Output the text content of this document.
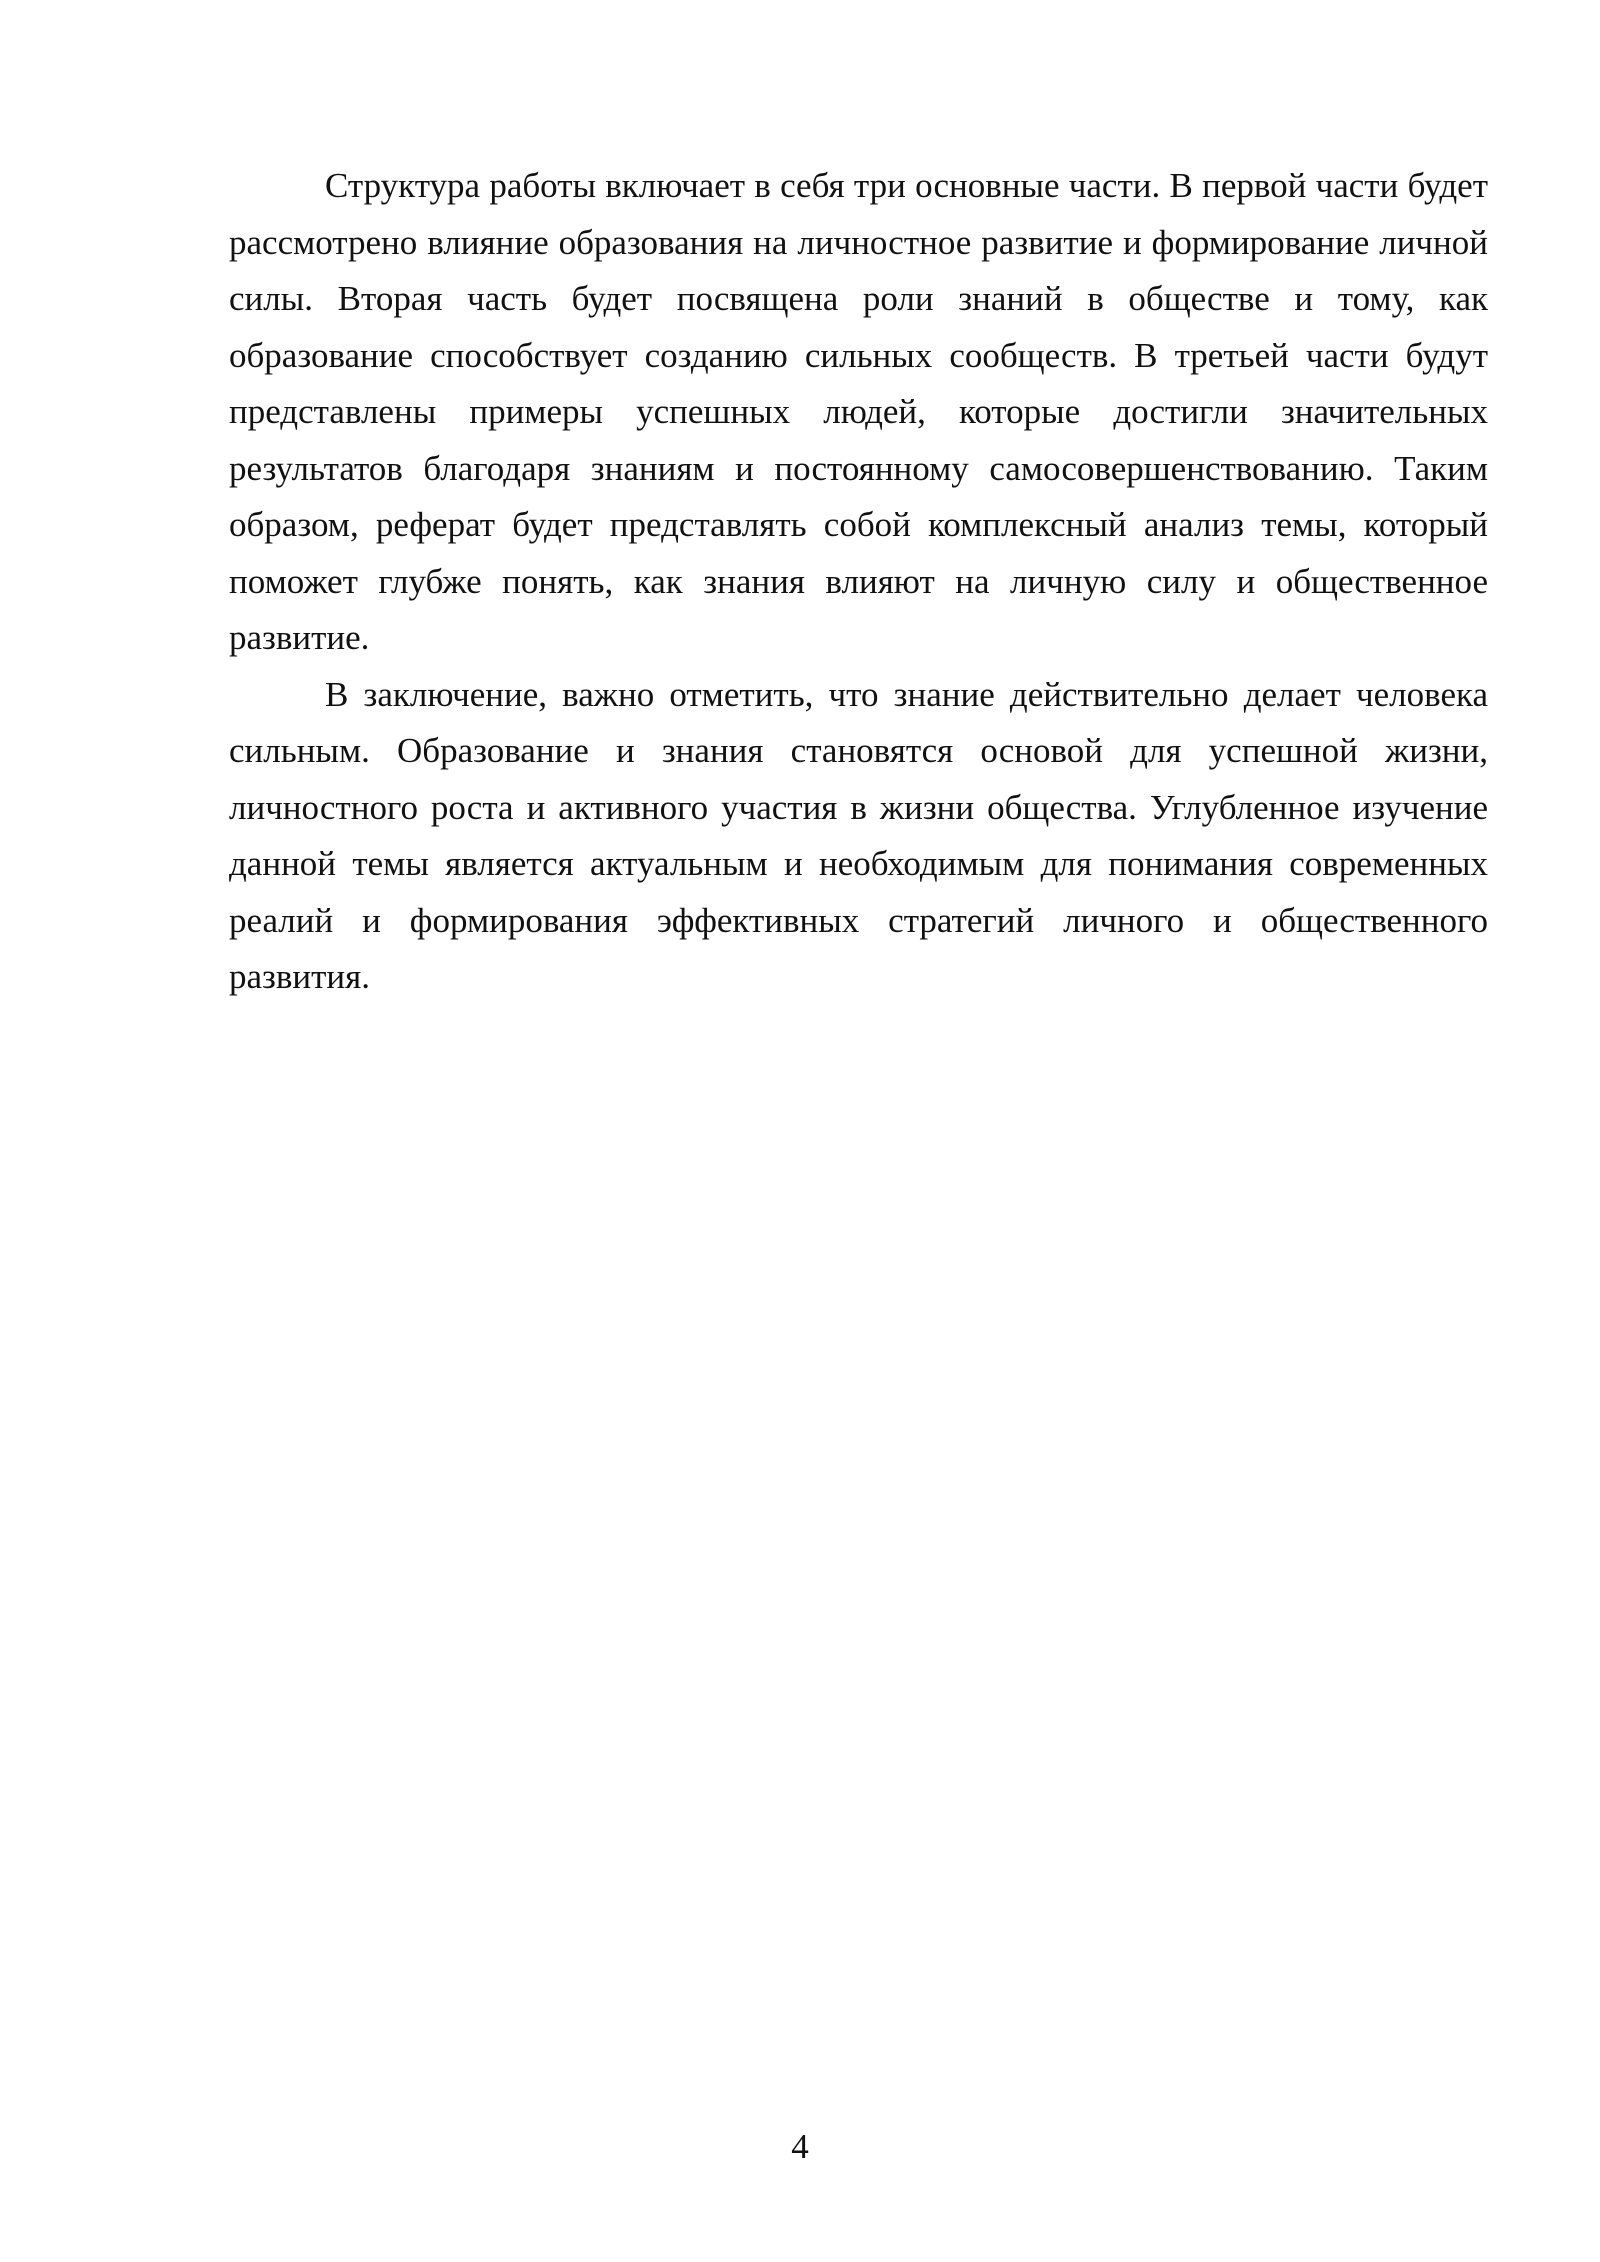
Структура работы включает в себя три основные части. В первой части будет рассмотрено влияние образования на личностное развитие и формирование личной силы. Вторая часть будет посвящена роли знаний в обществе и тому, как образование способствует созданию сильных сообществ. В третьей части будут представлены примеры успешных людей, которые достигли значительных результатов благодаря знаниям и постоянному самосовершенствованию. Таким образом, реферат будет представлять собой комплексный анализ темы, который поможет глубже понять, как знания влияют на личную силу и общественное развитие.

В заключение, важно отметить, что знание действительно делает человека сильным. Образование и знания становятся основой для успешной жизни, личностного роста и активного участия в жизни общества. Углубленное изучение данной темы является актуальным и необходимым для понимания современных реалий и формирования эффективных стратегий личного и общественного развития.

4
